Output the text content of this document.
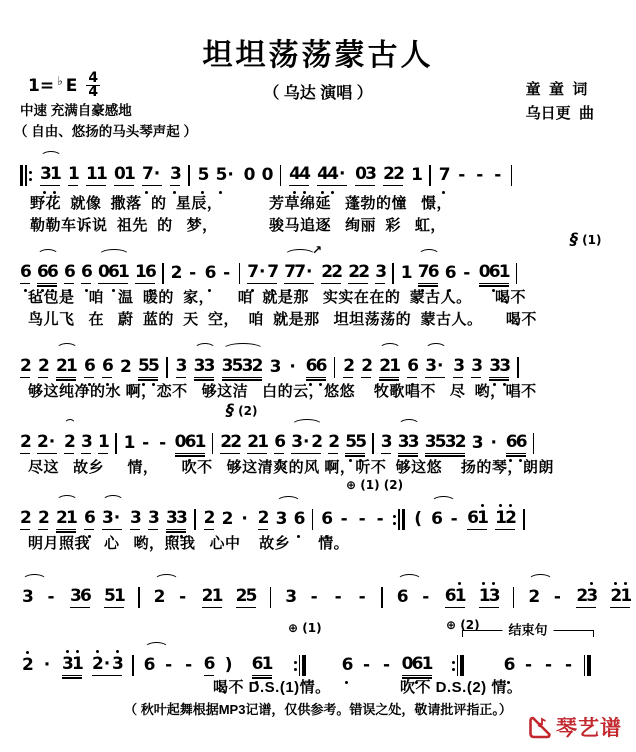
坦坦荡荡蒙古人
（ 乌达 演唱 ）
1= ♭ E 4
4
中速 充满自豪感地
（ 自由、悠扬的马头琴声起 ）
童  童  词
乌日更  曲
3
1 1 1
1 0
1 7 · 3 5 5 · 0 0 4
4 4
4 · 0
3 2
2 1 7 - - -
野花  就像  撒落  的  星辰，          芳草绵延   蓬勃的憧   憬，
勒勒车诉说  祖先  的   梦，           骏马追逐   绚丽  彩   虹，
6 6
6 6 6 0
6
1 1
6 2 - 6 - 7 · 7 7
7 · 2
2 2
2 3 1 7
6 6 - 0
6
1
毡包是   咱   温  暖的  家，     咱  就是那   实实在在的  蒙古人。     喝不
鸟儿飞   在   蔚  蓝的  天  空，  咱  就是那   坦坦荡荡的  蒙古人。     喝不
§ (1)
↗
2 2 2
1 6 6 2 5
5 3 3
3 3
5
3
2 3 · 6
6 2 2 2
1 6 3 · 3 3 3
3
够这纯净的水 啊，恋不   够这洁   白的云，悠悠    牧歌唱不   尽  哟，唱不
2 2 · 2 3 1 1 - - 0
6
1 2
2 2
1 6 3 · 2 2 5
5 3 3
3 3
5
3
2 3 · 6
6
尽这   故乡     情，     吹不   够这清爽的风 啊，听不  够这悠    扬的琴，朗朗
§ (2)
2 2 2
1 6 3 · 3 3 3
3 2 2 · 2 3 6 6 - - - ( 6 - 6
1 1
2
明月照我   心   哟，照我   心中    故乡      情。
⊕ (1) (2)
3 - 3
6 5
1 2 - 2
1 2
5 3 - - - 6 - 6
1 1
3 2 - 2
3 2
1
2 · 3
1 2 · 3 6 - - 6 ) 6
1	6 - - 0
6
1	6 - - -
喝不 D.S.(1)情。	吹不 D.S.(2) 情。
⊕ (1)	⊕ (2)	结束句
（ 秋叶起舞根据MP3记谱，仅供参考。错误之处，敬请批评指正。）
琴艺谱
